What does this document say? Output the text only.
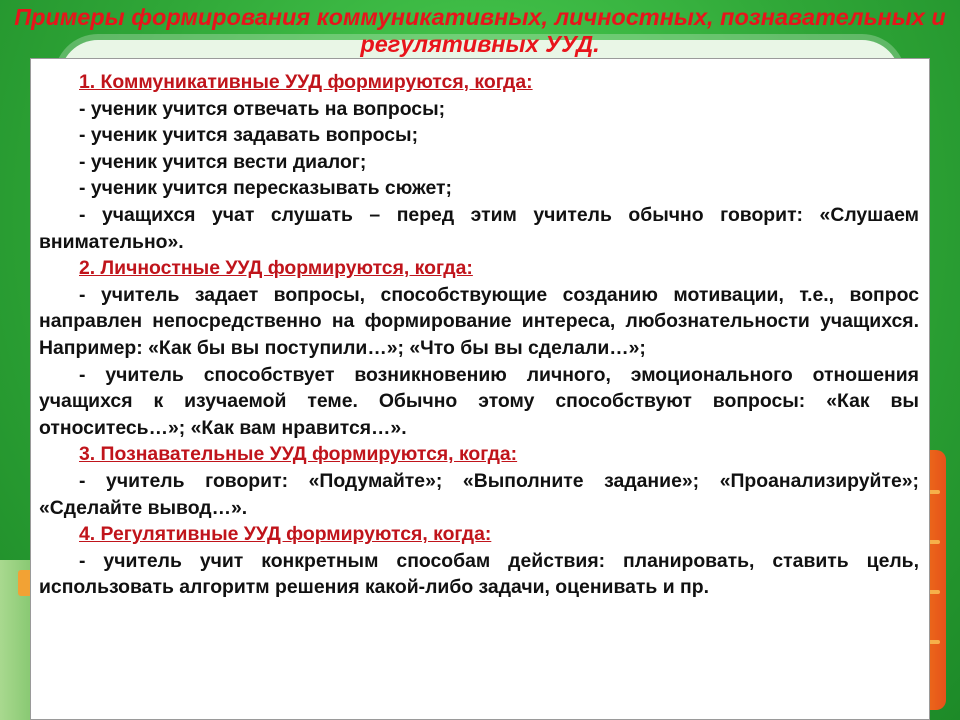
Примеры формирования коммуникативных, личностных, познавательных и регулятивных УУД.

1. Коммуникативные УУД формируются, когда:

- ученик учится отвечать на вопросы;

- ученик учится задавать вопросы;

- ученик учится вести диалог;

- ученик учится пересказывать сюжет;

- учащихся учат слушать – перед этим учитель обычно говорит: «Слушаем внимательно».

2. Личностные УУД формируются, когда:

- учитель задает вопросы, способствующие созданию мотивации, т.е., вопрос направлен непосредственно на формирование интереса, любознательности учащихся. Например: «Как бы вы поступили…»; «Что бы вы сделали…»;

- учитель способствует возникновению личного, эмоционального отношения учащихся к изучаемой теме. Обычно этому способствуют вопросы: «Как вы относитесь…»; «Как вам нравится…».

3. Познавательные УУД формируются, когда:

- учитель говорит: «Подумайте»; «Выполните задание»; «Проанализируйте»; «Сделайте вывод…».

4. Регулятивные УУД формируются, когда:

- учитель учит конкретным способам действия: планировать, ставить цель, использовать алгоритм решения какой-либо задачи, оценивать и пр.
